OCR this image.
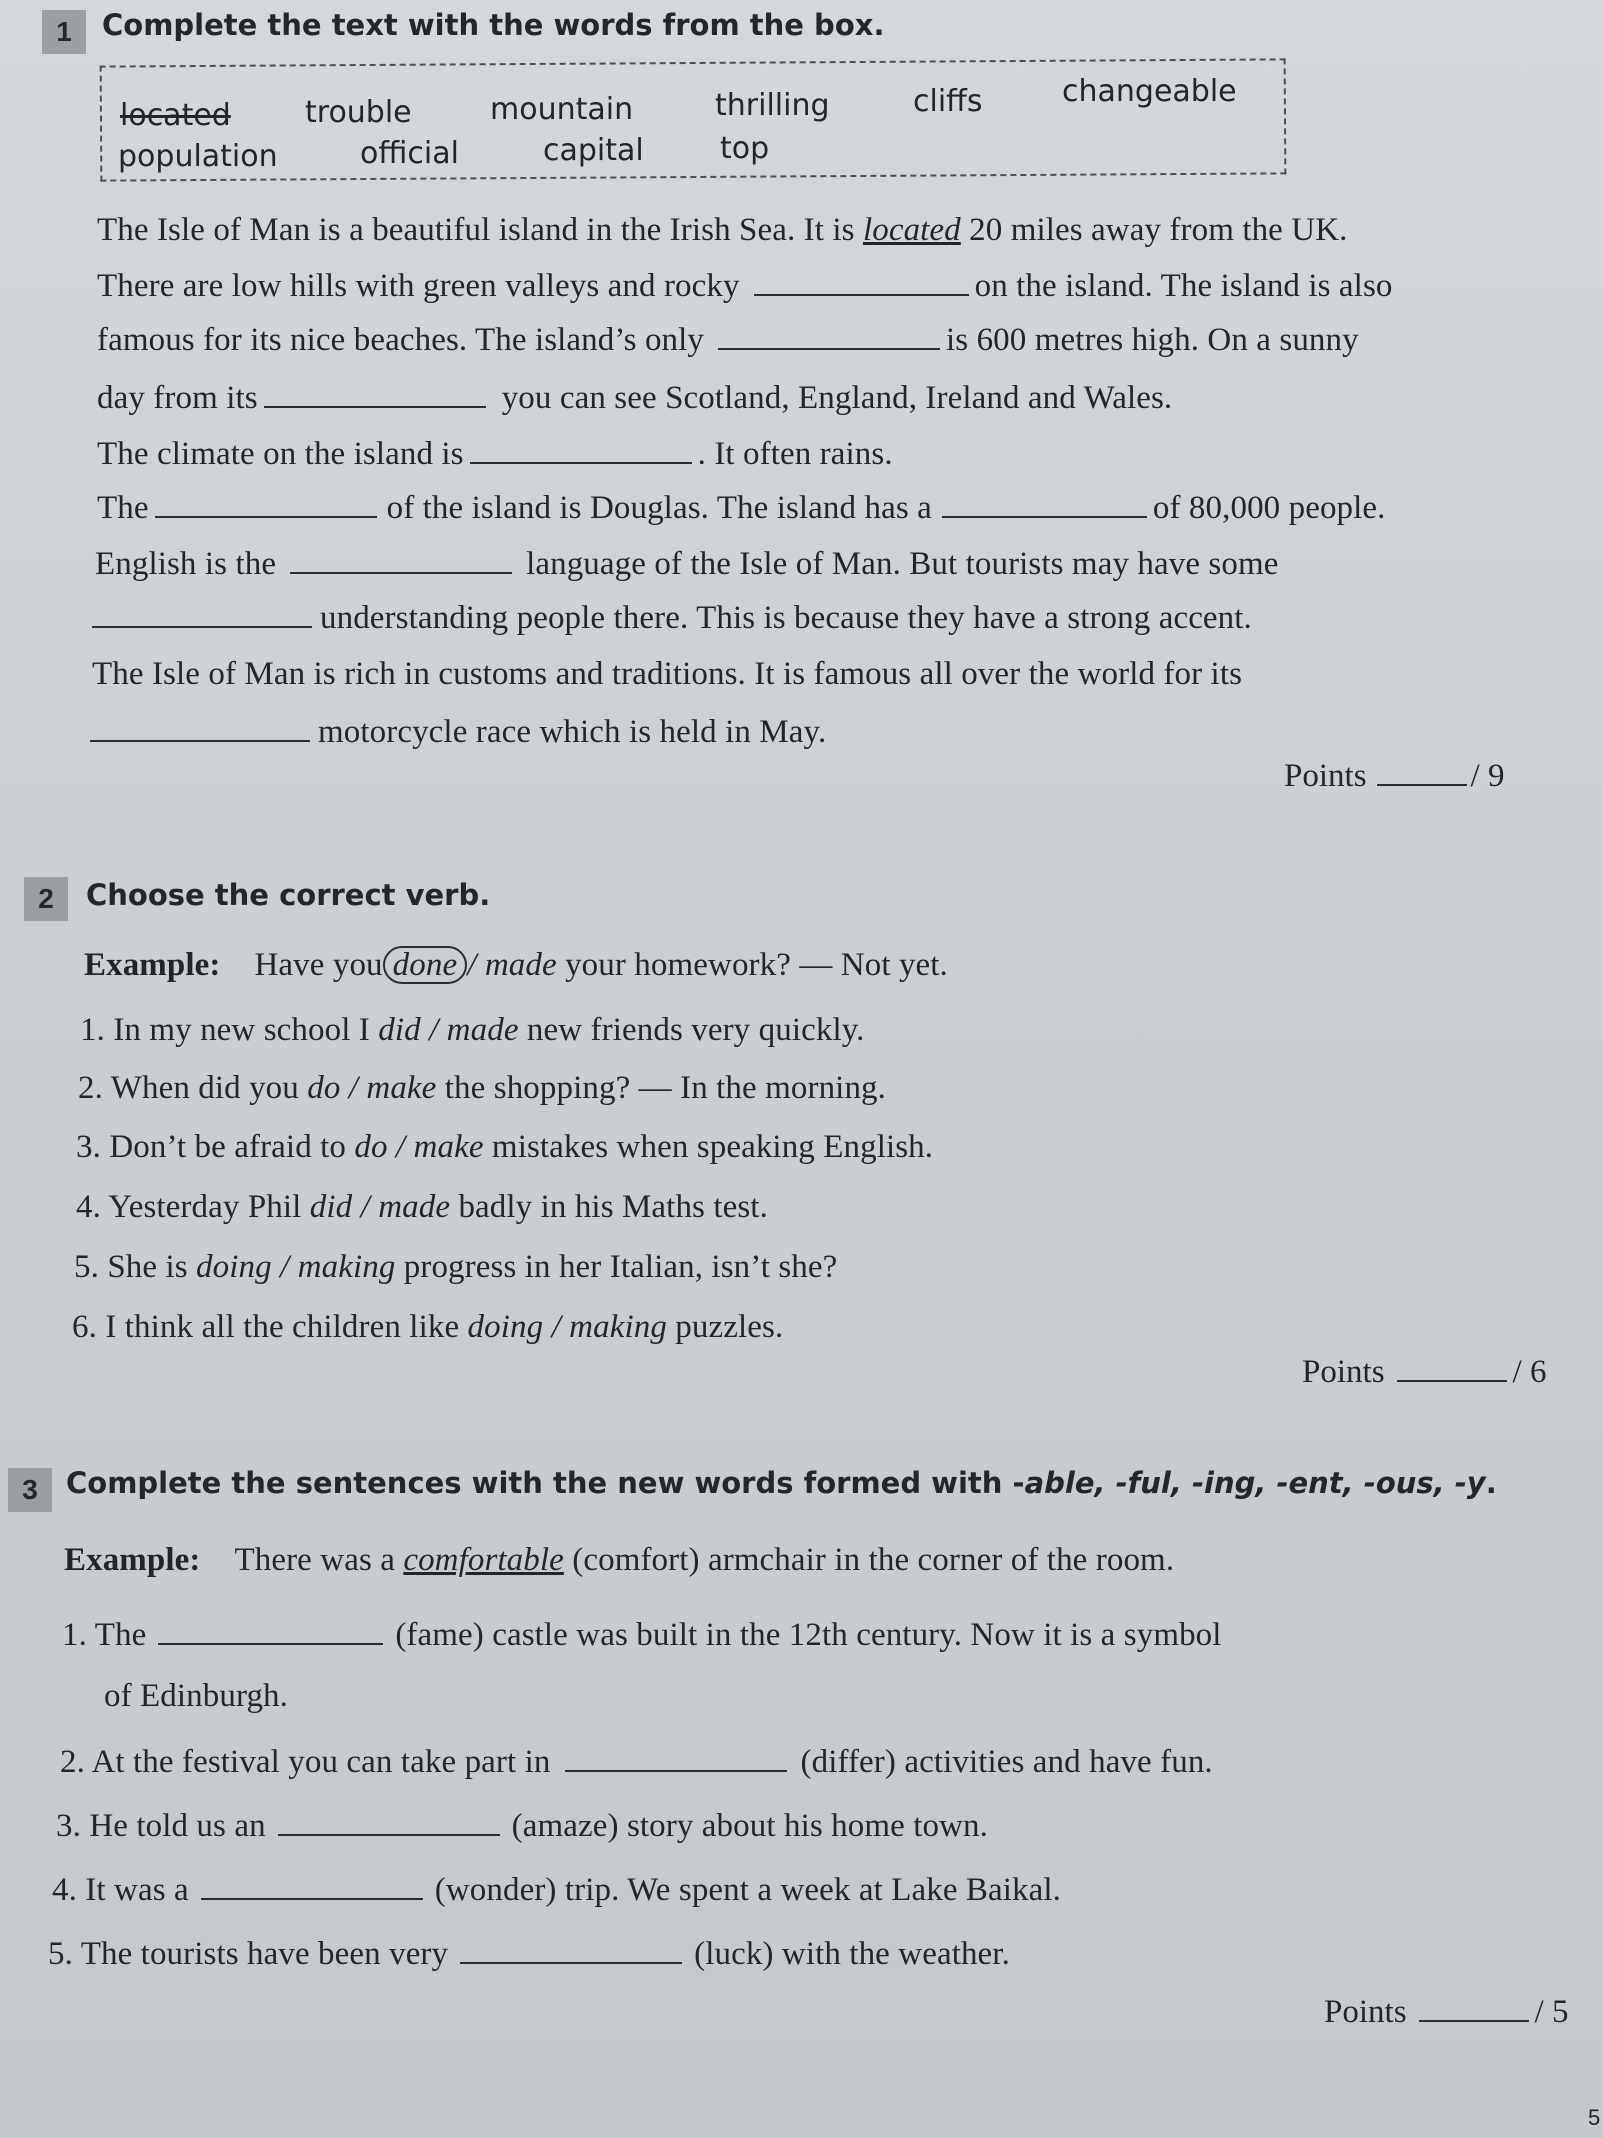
1	Complete the text with the words from the box.
located trouble	mountain	thrilling	cliffs	changeable
population	official	capital	top
The Isle of Man is a beautiful island in the Irish Sea. It is located 20 miles away from the UK.
There are low hills with green valleys and rocky	on the island. The island is also
famous for its nice beaches. The island’s only	is 600 metres high. On a sunny
day from its	you can see Scotland, England, Ireland and Wales.
The climate on the island is	. It often rains.
The	of the island is Douglas. The island has a	of 80,000 people.
English is the	language of the Isle of Man. But tourists may have some
understanding people there. This is because they have a strong accent.
The Isle of Man is rich in customs and traditions. It is famous all over the world for its
motorcycle race which is held in May.
Points	/ 9
2	Choose the correct verb.
Example: Have you done / made your homework? — Not yet.
1. In my new school I did / made new friends very quickly.
2. When did you do / make the shopping? — In the morning.
3. Don’t be afraid to do / make mistakes when speaking English.
4. Yesterday Phil did / made badly in his Maths test.
5. She is doing / making progress in her Italian, isn’t she?
6. I think all the children like doing / making puzzles.
Points	/ 6
3 Complete the sentences with the new words formed with -able, -ful, -ing, -ent, -ous, -y.
Example: There was a comfortable (comfort) armchair in the corner of the room.
1. The	(fame) castle was built in the 12th century. Now it is a symbol
of Edinburgh.
2. At the festival you can take part in	(differ) activities and have fun.
3. He told us an	(amaze) story about his home town.
4. It was a	(wonder) trip. We spent a week at Lake Baikal.
5. The tourists have been very	(luck) with the weather.
Points	/ 5
5
